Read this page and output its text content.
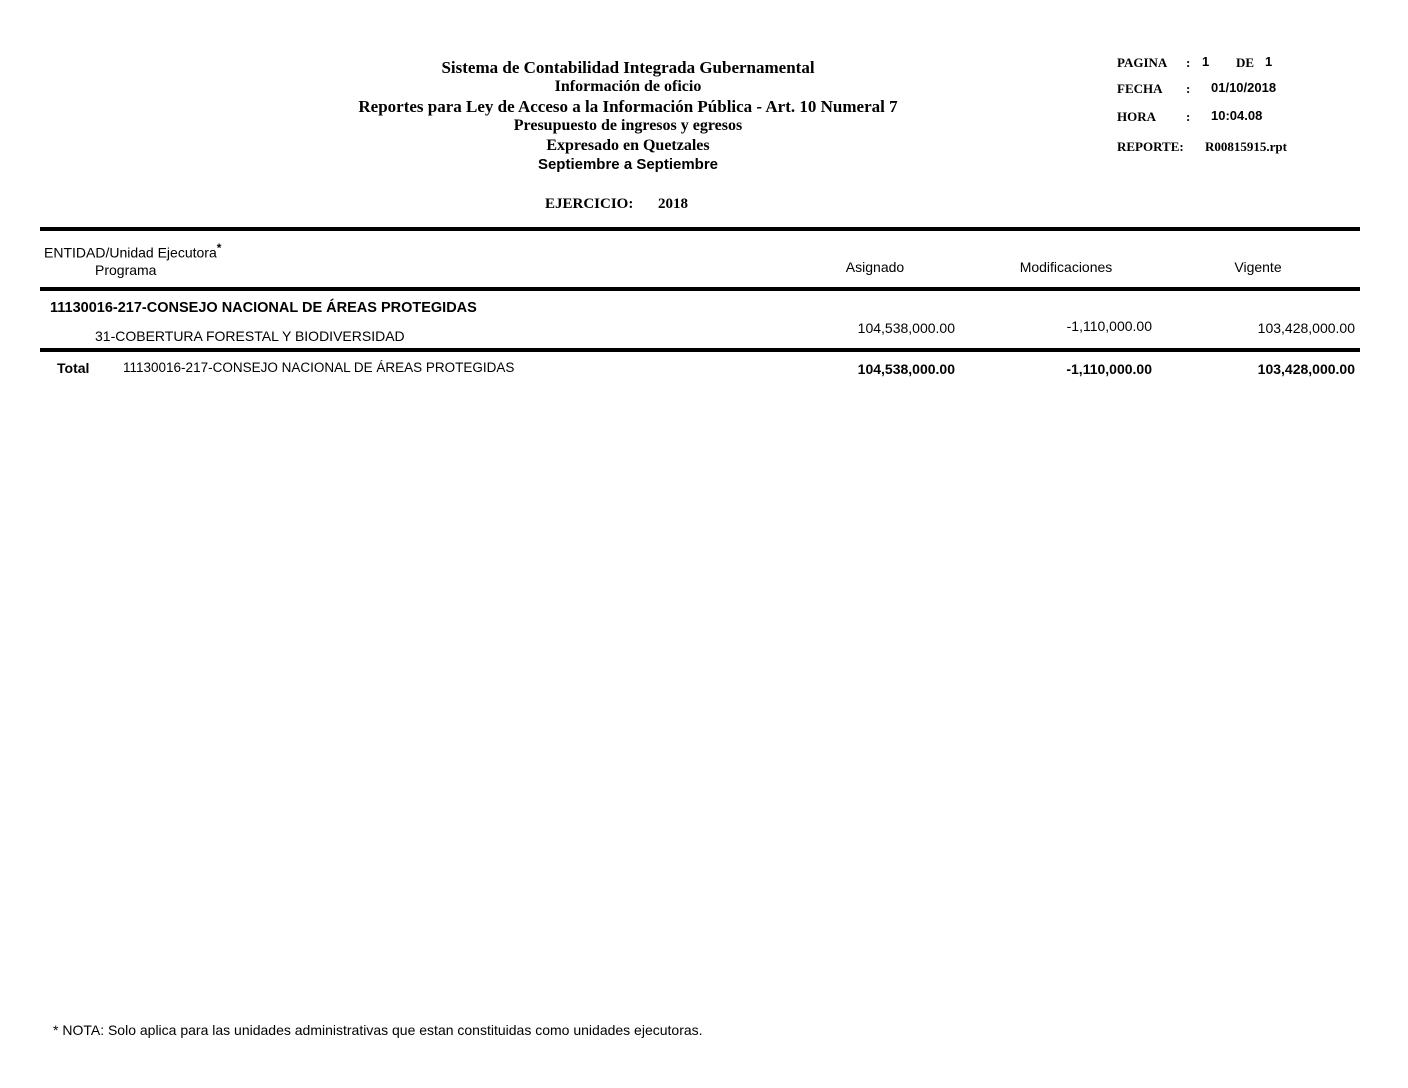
Sistema de Contabilidad Integrada Gubernamental
Información de oficio
Reportes para Ley de Acceso a la Información Pública - Art. 10 Numeral 7
Presupuesto de ingresos y egresos
Expresado en Quetzales
Septiembre a Septiembre
EJERCICIO: 2018
PAGINA : 1 DE 1
FECHA : 01/10/2018
HORA : 10:04.08
REPORTE: R00815915.rpt
ENTIDAD/Unidad Ejecutora*
Programa	Asignado	Modificaciones	Vigente
11130016-217-CONSEJO NACIONAL DE ÁREAS PROTEGIDAS
31-COBERTURA FORESTAL Y BIODIVERSIDAD	104,538,000.00	-1,110,000.00	103,428,000.00
Total 11130016-217-CONSEJO NACIONAL DE ÁREAS PROTEGIDAS	104,538,000.00	-1,110,000.00	103,428,000.00
* NOTA: Solo aplica para las unidades administrativas que estan constituidas como unidades ejecutoras.
